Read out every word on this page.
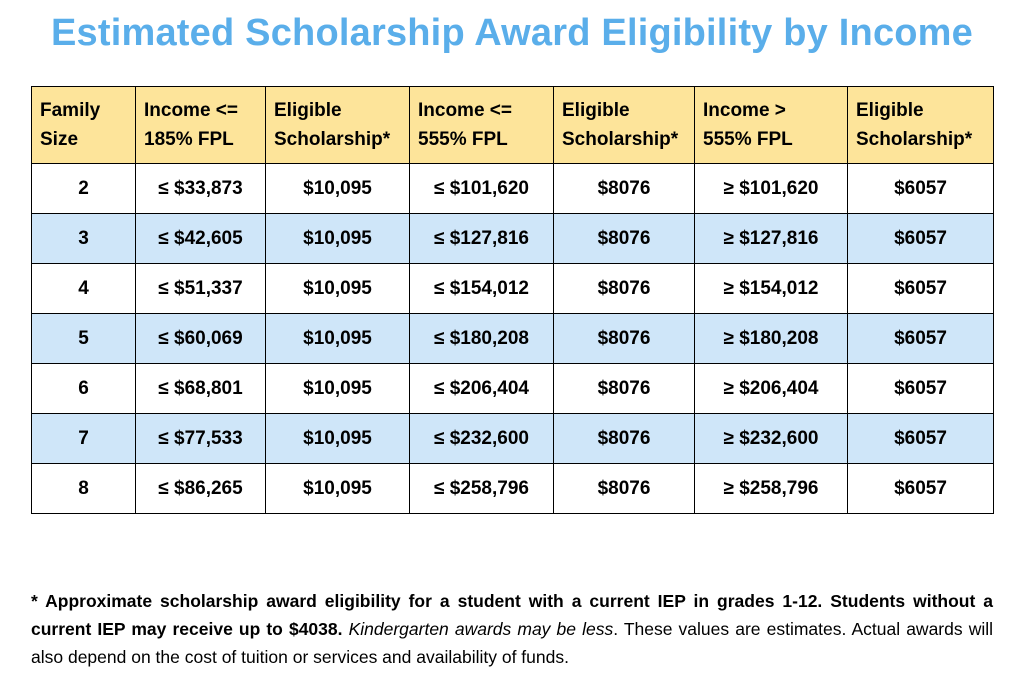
Estimated Scholarship Award Eligibility by Income
Family Size	Income <= 185% FPL	Eligible Scholarship*	Income <= 555% FPL	Eligible Scholarship*	Income > 555% FPL	Eligible Scholarship*
2	≤ $33,873	$10,095	≤ $101,620	$8076	≥ $101,620	$6057
3	≤ $42,605	$10,095	≤ $127,816	$8076	≥ $127,816	$6057
4	≤ $51,337	$10,095	≤ $154,012	$8076	≥ $154,012	$6057
5	≤ $60,069	$10,095	≤ $180,208	$8076	≥ $180,208	$6057
6	≤ $68,801	$10,095	≤ $206,404	$8076	≥ $206,404	$6057
7	≤ $77,533	$10,095	≤ $232,600	$8076	≥ $232,600	$6057
8	≤ $86,265	$10,095	≤ $258,796	$8076	≥ $258,796	$6057
* Approximate scholarship award eligibility for a student with a current IEP in grades 1-12. Students without a current IEP may receive up to $4038. Kindergarten awards may be less. These values are estimates. Actual awards will also depend on the cost of tuition or services and availability of funds.
